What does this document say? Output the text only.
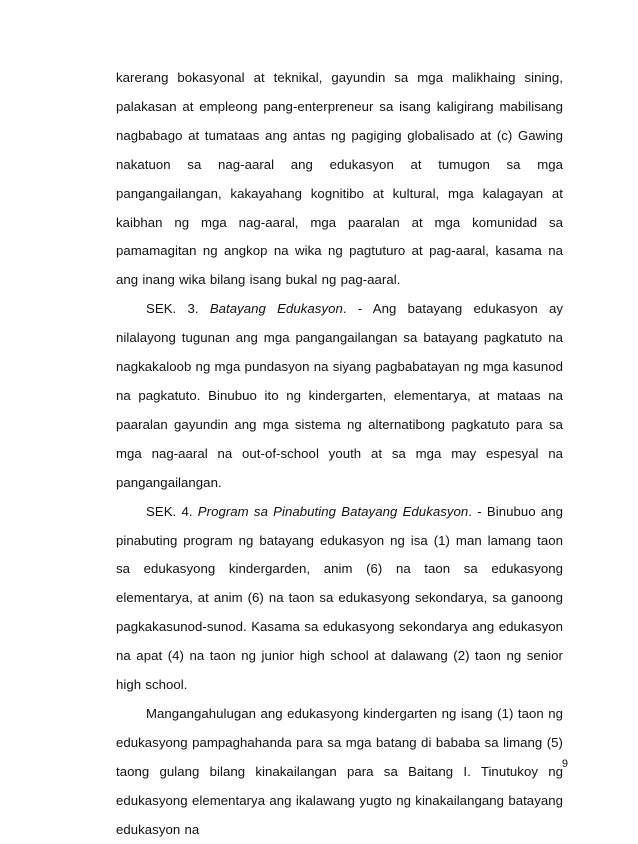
karerang bokasyonal at teknikal, gayundin sa mga malikhaing sining, palakasan at empleong pang-enterpreneur sa isang kaligirang mabilisang nagbabago at tumataas ang antas ng pagiging globalisado at (c) Gawing nakatuon sa nag-aaral ang edukasyon at tumugon sa mga pangangailangan, kakayahang kognitibo at kultural, mga kalagayan at kaibhan ng mga nag-aaral, mga paaralan at mga komunidad sa pamamagitan ng angkop na wika ng pagtuturo at pag-aaral, kasama na ang inang wika bilang isang bukal ng pag-aaral.

SEK. 3. Batayang Edukasyon. - Ang batayang edukasyon ay nilalayong tugunan ang mga pangangailangan sa batayang pagkatuto na nagkakaloob ng mga pundasyon na siyang pagbabatayan ng mga kasunod na pagkatuto. Binubuo ito ng kindergarten, elementarya, at mataas na paaralan gayundin ang mga sistema ng alternatibong pagkatuto para sa mga nag-aaral na out-of-school youth at sa mga may espesyal na pangangailangan.

SEK. 4. Program sa Pinabuting Batayang Edukasyon. - Binubuo ang pinabuting program ng batayang edukasyon ng isa (1) man lamang taon sa edukasyong kindergarden, anim (6) na taon sa edukasyong elementarya, at anim (6) na taon sa edukasyong sekondarya, sa ganoong pagkakasunod-sunod. Kasama sa edukasyong sekondarya ang edukasyon na apat (4) na taon ng junior high school at dalawang (2) taon ng senior high school.

Mangangahulugan ang edukasyong kindergarten ng isang (1) taon ng edukasyong pampaghahanda para sa mga batang di bababa sa limang (5) taong gulang bilang kinakailangan para sa Baitang I. Tinutukoy ng edukasyong elementarya ang ikalawang yugto ng kinakailangang batayang edukasyon na

9
